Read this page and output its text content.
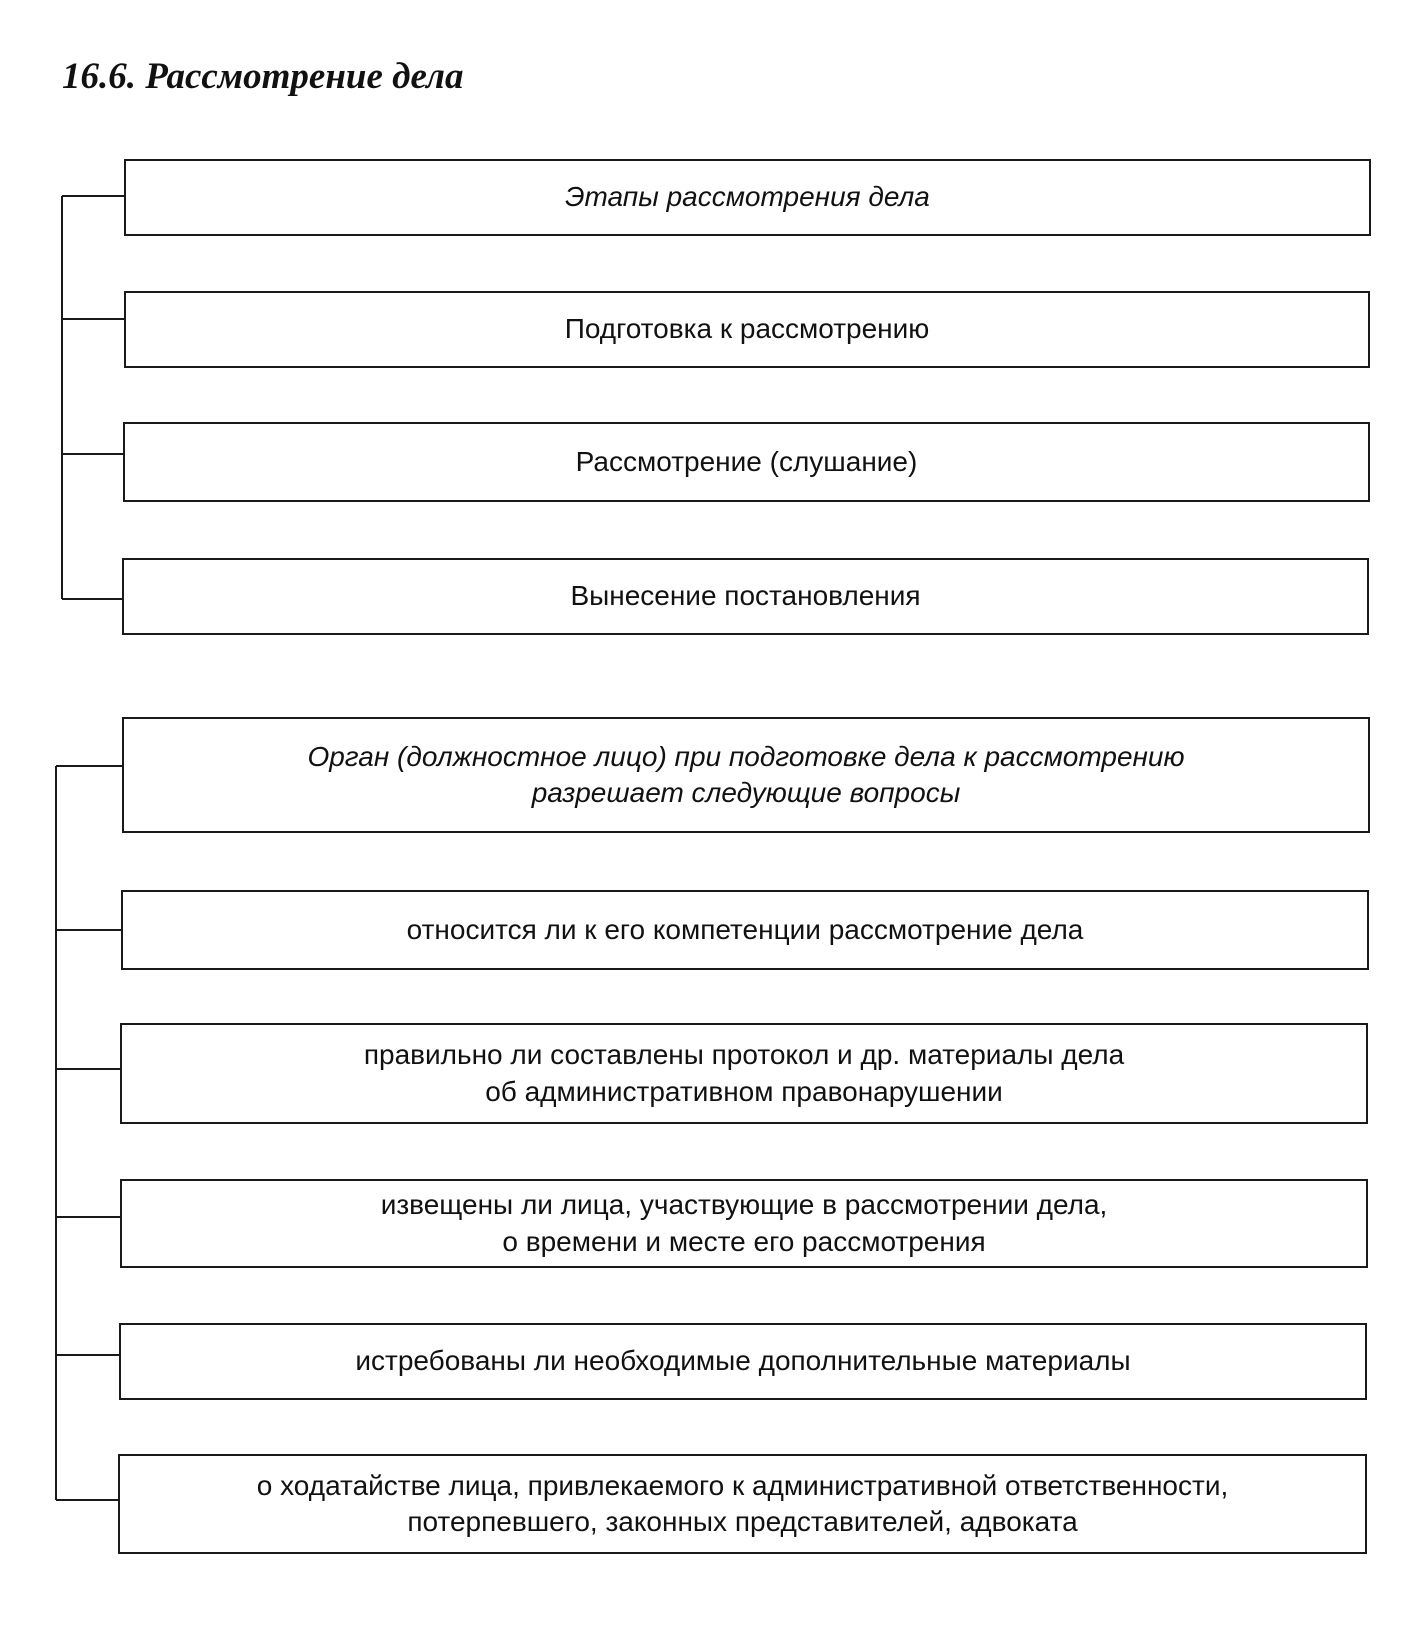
16.6. Рассмотрение дела
Этапы рассмотрения дела
Подготовка к рассмотрению
Рассмотрение (слушание)
Вынесение постановления
Орган (должностное лицо) при подготовке дела к рассмотрению
разрешает следующие вопросы
относится ли к его компетенции рассмотрение дела
правильно ли составлены протокол и др. материалы дела
об административном правонарушении
извещены ли лица, участвующие в рассмотрении дела,
о времени и месте его рассмотрения
истребованы ли необходимые дополнительные материалы
о ходатайстве лица, привлекаемого к административной ответственности,
потерпевшего, законных представителей, адвоката
